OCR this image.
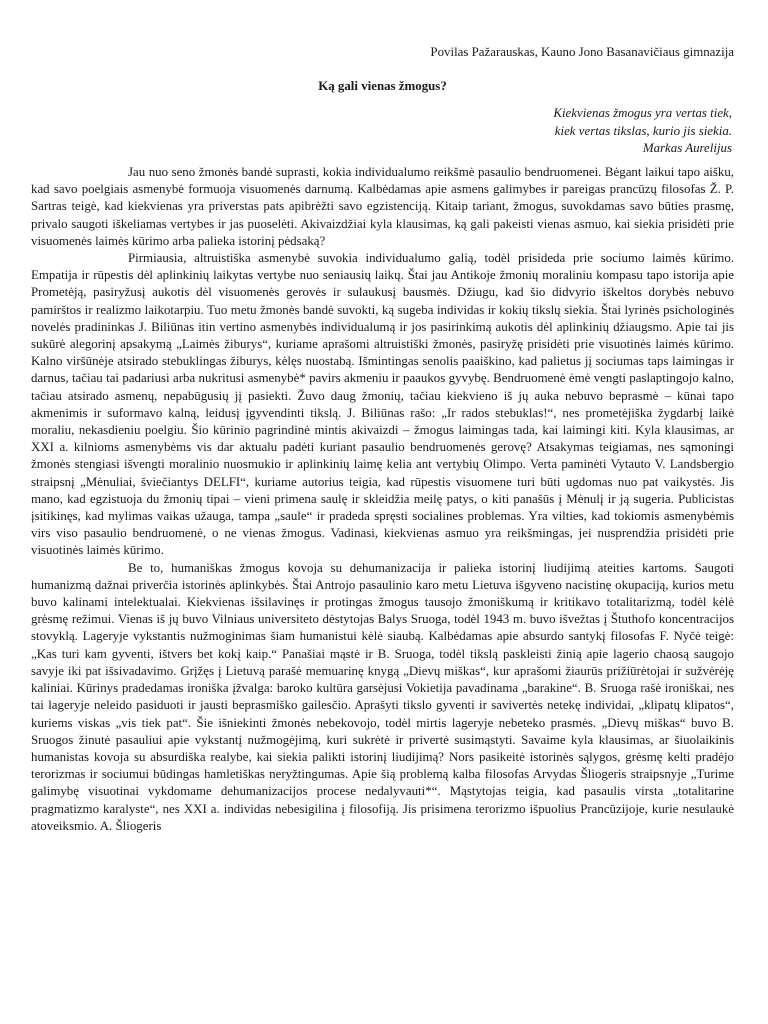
Povilas Pažarauskas, Kauno Jono Basanavičiaus gimnazija
Ką gali vienas žmogus?
Kiekvienas žmogus yra vertas tiek,
kiek vertas tikslas, kurio jis siekia.
Markas Aurelijus

Jau nuo seno žmonės bandė suprasti, kokia individualumo reikšmė pasaulio bendruomenei. Bėgant laikui tapo aišku, kad savo poelgiais asmenybė formuoja visuomenės darnumą. Kalbėdamas apie asmens galimybes ir pareigas prancūzų filosofas Ž. P. Sartras teigė, kad kiekvienas yra priverstas pats apibrėžti savo egzistenciją. Kitaip tariant, žmogus, suvokdamas savo būties prasmę, privalo saugoti iškeliamas vertybes ir jas puoselėti. Akivaizdžiai kyla klausimas, ką gali pakeisti vienas asmuo, kai siekia prisidėti prie visuomenės laimės kūrimo arba palieka istorinį pėdsaką?

Pirmiausia, altruistiška asmenybė suvokia individualumo galią, todėl prisideda prie sociumo laimės kūrimo. Empatija ir rūpestis dėl aplinkinių laikytas vertybe nuo seniausių laikų. Štai jau Antikoje žmonių moraliniu kompasu tapo istorija apie Prometėją, pasiryžusį aukotis dėl visuomenės gerovės ir sulaukusį bausmės. Džiugu, kad šio didvyrio iškeltos dorybės nebuvo pamirštos ir realizmo laikotarpiu. Tuo metu žmonės bandė suvokti, ką sugeba individas ir kokių tikslų siekia. Štai lyrinės psichologinės novelės pradininkas J. Biliūnas itin vertino asmenybės individualumą ir jos pasirinkimą aukotis dėl aplinkinių džiaugsmo. Apie tai jis sukūrė alegorinį apsakymą „Laimės žiburys“, kuriame aprašomi altruistiški žmonės, pasiryžę prisidėti prie visuotinės laimės kūrimo. Kalno viršūnėje atsirado stebuklingas žiburys, kėlęs nuostabą. Išmintingas senolis paaiškino, kad palietus jį sociumas taps laimingas ir darnus, tačiau tai padariusi arba nukritusi asmenybė* pavirs akmeniu ir paaukos gyvybę. Bendruomenė ėmė vengti paslaptingojo kalno, tačiau atsirado asmenų, nepabūgusių jį pasiekti. Žuvo daug žmonių, tačiau kiekvieno iš jų auka nebuvo beprasmė – kūnai tapo akmenimis ir suformavo kalną, leidusį įgyvendinti tikslą. J. Biliūnas rašo: „Ir rados stebuklas!“, nes prometėjiška žygdarbį laikė moraliu, nekasdieniu poelgiu. Šio kūrinio pagrindinė mintis akivaizdi – žmogus laimingas tada, kai laimingi kiti. Kyla klausimas, ar XXI a. kilnioms asmenybėms vis dar aktualu padėti kuriant pasaulio bendruomenės gerovę? Atsakymas teigiamas, nes sąmoningi žmonės stengiasi išvengti moralinio nuosmukio ir aplinkinių laimę kelia ant vertybių Olimpo. Verta paminėti Vytauto V. Landsbergio straipsnį „Mėnuliai, šviečiantys DELFI“, kuriame autorius teigia, kad rūpestis visuomene turi būti ugdomas nuo pat vaikystės. Jis mano, kad egzistuoja du žmonių tipai – vieni primena saulę ir skleidžia meilę patys, o kiti panašūs į Mėnulį ir ją sugeria. Publicistas įsitikinęs, kad mylimas vaikas užauga, tampa „saule“ ir pradeda spręsti socialines problemas. Yra vilties, kad tokiomis asmenybėmis virs viso pasaulio bendruomenė, o ne vienas žmogus. Vadinasi, kiekvienas asmuo yra reikšmingas, jei nusprendžia prisidėti prie visuotinės laimės kūrimo.

Be to, humaniškas žmogus kovoja su dehumanizacija ir palieka istorinį liudijimą ateities kartoms. Saugoti humanizmą dažnai priverčia istorinės aplinkybės. Štai Antrojo pasaulinio karo metu Lietuva išgyveno nacistinę okupaciją, kurios metu buvo kalinami intelektualai. Kiekvienas išsilavinęs ir protingas žmogus tausojo žmoniškumą ir kritikavo totalitarizmą, todėl kėlė grėsmę režimui. Vienas iš jų buvo Vilniaus universiteto dėstytojas Balys Sruoga, todėl 1943 m. buvo išvežtas į Štuthofo koncentracijos stovyklą. Lageryje vykstantis nužmoginimas šiam humanistui kėlė siaubą. Kalbėdamas apie absurdo santykį filosofas F. Nyčė teigė: „Kas turi kam gyventi, ištvers bet kokį kaip.“ Panašiai mąstė ir B. Sruoga, todėl tikslą paskleisti žinią apie lagerio chaosą saugojo savyje iki pat išsivadavimo. Grįžęs į Lietuvą parašė memuarinę knygą „Dievų miškas“, kur aprašomi žiaurūs prižiūrėtojai ir sužvėrėję kaliniai. Kūrinys pradedamas ironiška įžvalga: baroko kultūra garsėjusi Vokietija pavadinama „barakine“. B. Sruoga rašė ironiškai, nes tai lageryje neleido pasiduoti ir jausti beprasmiško gailesčio. Aprašyti tikslo gyventi ir savivertės netekę individai, „klipatų klipatos“, kuriems viskas „vis tiek pat“. Šie išniekinti žmonės nebekovojo, todėl mirtis lageryje nebeteko prasmės. „Dievų miškas“ buvo B. Sruogos žinutė pasauliui apie vykstantį nužmogėjimą, kuri sukrėtė ir privertė susimąstyti. Savaime kyla klausimas, ar šiuolaikinis humanistas kovoja su absurdiška realybe, kai siekia palikti istorinį liudijimą? Nors pasikeitė istorinės sąlygos, grėsmę kelti pradėjo terorizmas ir sociumui būdingas hamletiškas neryžtingumas. Apie šią problemą kalba filosofas Arvydas Šliogeris straipsnyje „Turime galimybę visuotinai vykdomame dehumanizacijos procese nedalyvauti*“. Mąstytojas teigia, kad pasaulis virsta „totalitarine pragmatizmo karalyste“, nes XXI a. individas nebesigilina į filosofiją. Jis prisimena terorizmo išpuolius Prancūzijoje, kurie nesulaukė atoveiksmio. A. Šliogeris
